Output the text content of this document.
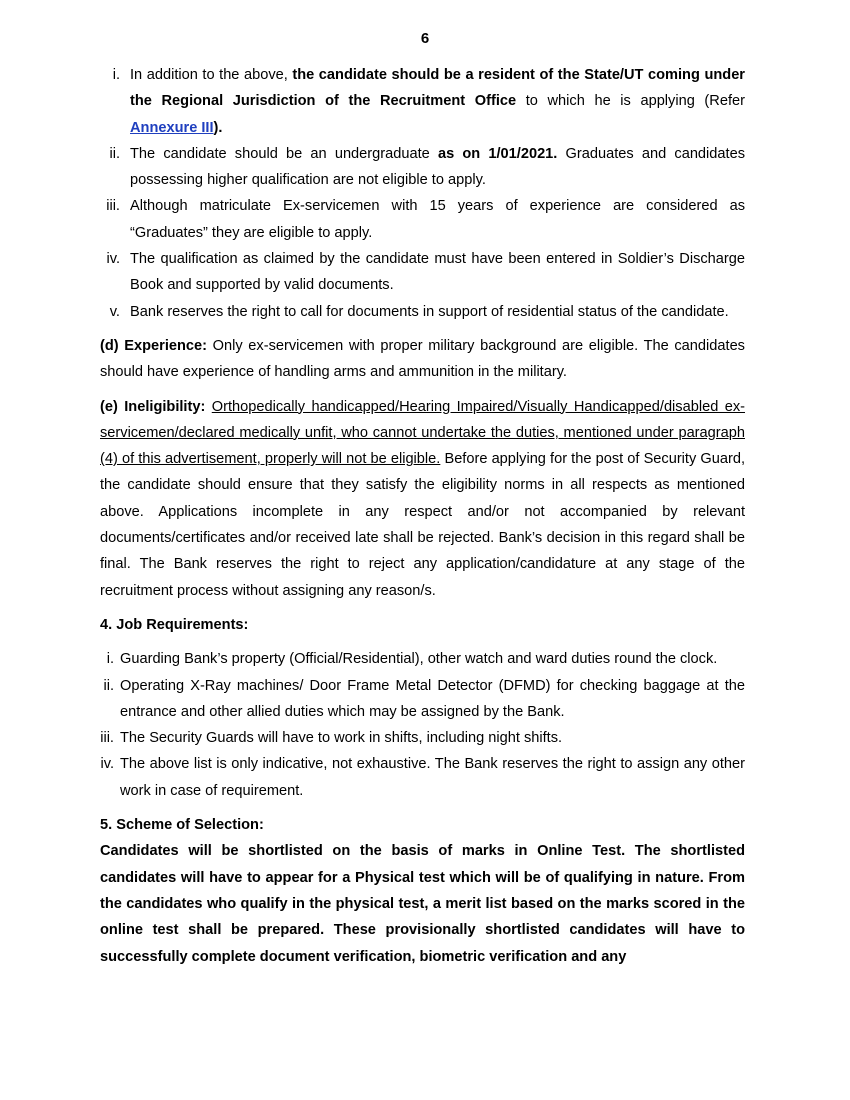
6
i. In addition to the above, the candidate should be a resident of the State/UT coming under the Regional Jurisdiction of the Recruitment Office to which he is applying (Refer Annexure III).
ii. The candidate should be an undergraduate as on 1/01/2021. Graduates and candidates possessing higher qualification are not eligible to apply.
iii. Although matriculate Ex-servicemen with 15 years of experience are considered as “Graduates” they are eligible to apply.
iv. The qualification as claimed by the candidate must have been entered in Soldier’s Discharge Book and supported by valid documents.
v. Bank reserves the right to call for documents in support of residential status of the candidate.

(d) Experience: Only ex-servicemen with proper military background are eligible. The candidates should have experience of handling arms and ammunition in the military.

(e) Ineligibility: Orthopedically handicapped/Hearing Impaired/Visually Handicapped/disabled ex-servicemen/declared medically unfit, who cannot undertake the duties, mentioned under paragraph (4) of this advertisement, properly will not be eligible. Before applying for the post of Security Guard, the candidate should ensure that they satisfy the eligibility norms in all respects as mentioned above. Applications incomplete in any respect and/or not accompanied by relevant documents/certificates and/or received late shall be rejected. Bank’s decision in this regard shall be final. The Bank reserves the right to reject any application/candidature at any stage of the recruitment process without assigning any reason/s.

4. Job Requirements:

i. Guarding Bank’s property (Official/Residential), other watch and ward duties round the clock.
ii. Operating X-Ray machines/ Door Frame Metal Detector (DFMD) for checking baggage at the entrance and other allied duties which may be assigned by the Bank.
iii. The Security Guards will have to work in shifts, including night shifts.
iv. The above list is only indicative, not exhaustive. The Bank reserves the right to assign any other work in case of requirement.

5. Scheme of Selection:

Candidates will be shortlisted on the basis of marks in Online Test. The shortlisted candidates will have to appear for a Physical test which will be of qualifying in nature. From the candidates who qualify in the physical test, a merit list based on the marks scored in the online test shall be prepared. These provisionally shortlisted candidates will have to successfully complete document verification, biometric verification and any
